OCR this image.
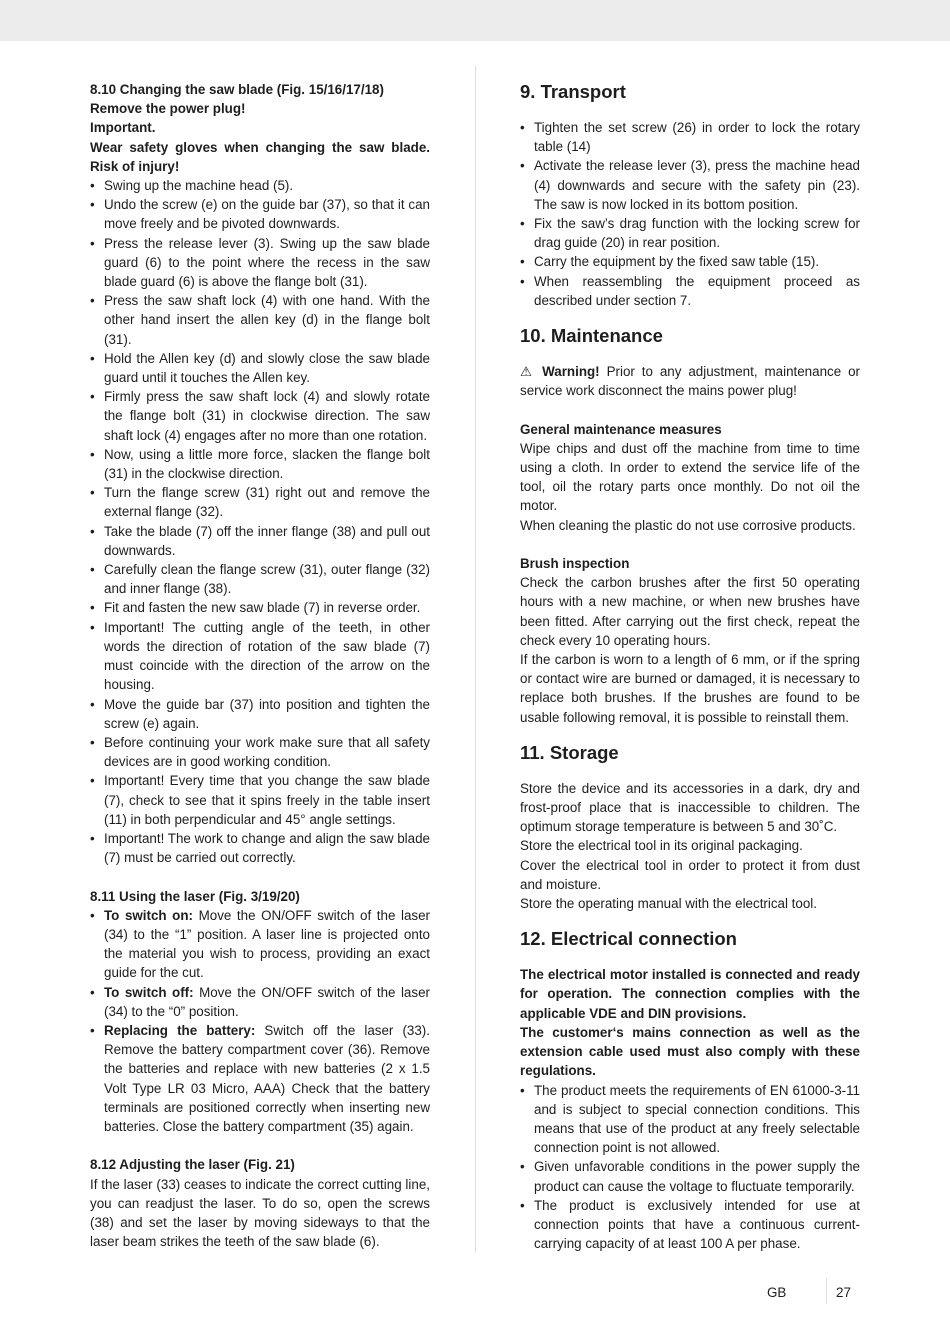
8.10 Changing the saw blade (Fig. 15/16/17/18)

Remove the power plug!

Important.

Wear safety gloves when changing the saw blade. Risk of injury!

• Swing up the machine head (5).
• Undo the screw (e) on the guide bar (37), so that it can move freely and be pivoted downwards.
• Press the release lever (3). Swing up the saw blade guard (6) to the point where the recess in the saw blade guard (6) is above the flange bolt (31).
• Press the saw shaft lock (4) with one hand. With the other hand insert the allen key (d) in the flange bolt (31).
• Hold the Allen key (d) and slowly close the saw blade guard until it touches the Allen key.
• Firmly press the saw shaft lock (4) and slowly rotate the flange bolt (31) in clockwise direction. The saw shaft lock (4) engages after no more than one rotation.
• Now, using a little more force, slacken the flange bolt (31) in the clockwise direction.
• Turn the flange screw (31) right out and remove the external flange (32).
• Take the blade (7) off the inner flange (38) and pull out downwards.
• Carefully clean the flange screw (31), outer flange (32) and inner flange (38).
• Fit and fasten the new saw blade (7) in reverse order.
• Important! The cutting angle of the teeth, in other words the direction of rotation of the saw blade (7) must coincide with the direction of the arrow on the housing.
• Move the guide bar (37) into position and tighten the screw (e) again.
• Before continuing your work make sure that all safety devices are in good working condition.
• Important! Every time that you change the saw blade (7), check to see that it spins freely in the table insert (11) in both perpendicular and 45° angle settings.
• Important! The work to change and align the saw blade (7) must be carried out correctly.

8.11 Using the laser (Fig. 3/19/20)

• To switch on: Move the ON/OFF switch of the laser (34) to the “1” position. A laser line is projected onto the material you wish to process, providing an exact guide for the cut.
• To switch off: Move the ON/OFF switch of the laser (34) to the “0” position.
• Replacing the battery: Switch off the laser (33). Remove the battery compartment cover (36). Remove the batteries and replace with new batteries (2 x 1.5 Volt Type LR 03 Micro, AAA) Check that the battery terminals are positioned correctly when inserting new batteries. Close the battery compartment (35) again.

8.12 Adjusting the laser (Fig. 21)

If the laser (33) ceases to indicate the correct cutting line, you can readjust the laser. To do so, open the screws (38) and set the laser by moving sideways to that the laser beam strikes the teeth of the saw blade (6).

9. Transport
• Tighten the set screw (26) in order to lock the rotary table (14)
• Activate the release lever (3), press the machine head (4) downwards and secure with the safety pin (23). The saw is now locked in its bottom position.
• Fix the saw’s drag function with the locking screw for drag guide (20) in rear position.
• Carry the equipment by the fixed saw table (15).
• When reassembling the equipment proceed as described under section 7.
10. Maintenance

⚠ Warning! Prior to any adjustment, maintenance or service work disconnect the mains power plug!

General maintenance measures

Wipe chips and dust off the machine from time to time using a cloth. In order to extend the service life of the tool, oil the rotary parts once monthly. Do not oil the motor.

When cleaning the plastic do not use corrosive products.

Brush inspection

Check the carbon brushes after the first 50 operating hours with a new machine, or when new brushes have been fitted. After carrying out the first check, repeat the check every 10 operating hours.

If the carbon is worn to a length of 6 mm, or if the spring or contact wire are burned or damaged, it is necessary to replace both brushes. If the brushes are found to be usable following removal, it is possible to reinstall them.

11. Storage

Store the device and its accessories in a dark, dry and frost-proof place that is inaccessible to children. The optimum storage temperature is between 5 and 30˚C.

Store the electrical tool in its original packaging.

Cover the electrical tool in order to protect it from dust and moisture.

Store the operating manual with the electrical tool.

12. Electrical connection

The electrical motor installed is connected and ready for operation. The connection complies with the applicable VDE and DIN provisions.

The customer‘s mains connection as well as the extension cable used must also comply with these regulations.

• The product meets the requirements of EN 61000-3-11 and is subject to special connection conditions. This means that use of the product at any freely selectable connection point is not allowed.
• Given unfavorable conditions in the power supply the product can cause the voltage to fluctuate temporarily.
• The product is exclusively intended for use at connection points that have a continuous current-carrying capacity of at least 100 A per phase.
GB	27
